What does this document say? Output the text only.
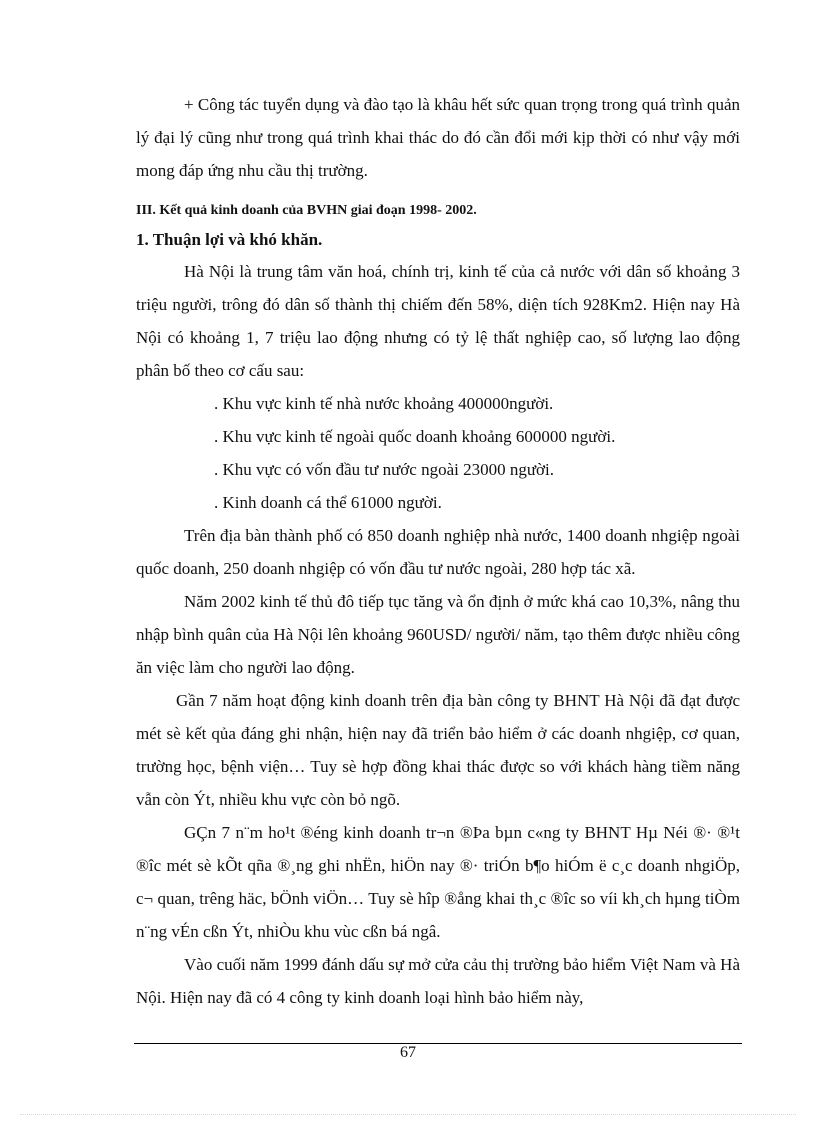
+ Công tác tuyển dụng và đào tạo là khâu hết sức quan trọng trong quá trình quản lý đại lý cũng như trong quá trình khai thác do đó cần đổi mới kịp thời có như vậy mới mong đáp ứng nhu cầu thị trường.

III. Kết quả kinh doanh của BVHN giai đoạn 1998- 2002.

1. Thuận lợi và khó khăn.

Hà Nội là trung tâm văn hoá, chính trị, kinh tế của cả nước với dân số khoảng 3 triệu người, trông đó dân số thành thị chiếm đến 58%, diện tích 928Km2. Hiện nay Hà Nội có khoảng 1, 7 triệu lao động nhưng có tỷ lệ thất nghiệp cao, số lượng lao động phân bố theo cơ cấu sau:

. Khu vực kinh tế nhà nước khoảng 400000người.

. Khu vực kinh tế ngoài quốc doanh khoảng 600000 người.

. Khu vực có vốn đầu tư nước ngoài 23000 người.

. Kinh doanh cá thể 61000 người.

Trên địa bàn thành phố có 850 doanh nghiệp nhà nước, 1400 doanh nhgiệp ngoài quốc doanh, 250 doanh nhgiệp có vốn đầu tư nước ngoài, 280 hợp tác xã.

Năm 2002 kinh tế thủ đô tiếp tục tăng và ổn định ở mức khá cao 10,3%, nâng thu nhập bình quân của Hà Nội lên khoảng 960USD/ người/ năm, tạo thêm được nhiều công ăn việc làm cho người lao động.

Gần 7 năm hoạt động kinh doanh trên địa bàn công ty BHNT Hà Nội đã đạt được mét sè kết qủa đáng ghi nhận, hiện nay đã triển bảo hiểm ở các doanh nhgiệp, cơ quan, trường học, bệnh viện… Tuy sè hợp đồng khai thác được so với khách hàng tiềm năng vẫn còn Ýt, nhiều khu vực còn bỏ ngõ.

GÇn 7 n¨m ho¹t ®éng kinh doanh tr¬n ®Þa bµn c«ng ty BHNT Hµ Néi ®· ®¹t ®îc mét sè kÕt qña ®¸ng ghi nhËn, hiÖn nay ®· triÓn b¶o hiÓm ë c¸c doanh nhgiÖp, c¬ quan, trêng häc, bÖnh viÖn… Tuy sè hîp ®ång khai th¸c ®îc so víi kh¸ch hµng tiÒm n¨ng vÉn cßn Ýt, nhiÒu khu vùc cßn bá ngâ.

Vào cuối năm 1999 đánh dấu sự mở cửa cảu thị trường bảo hiểm Việt Nam và Hà Nội. Hiện nay đã có 4 công ty kinh doanh loại hình bảo hiểm này,

67
